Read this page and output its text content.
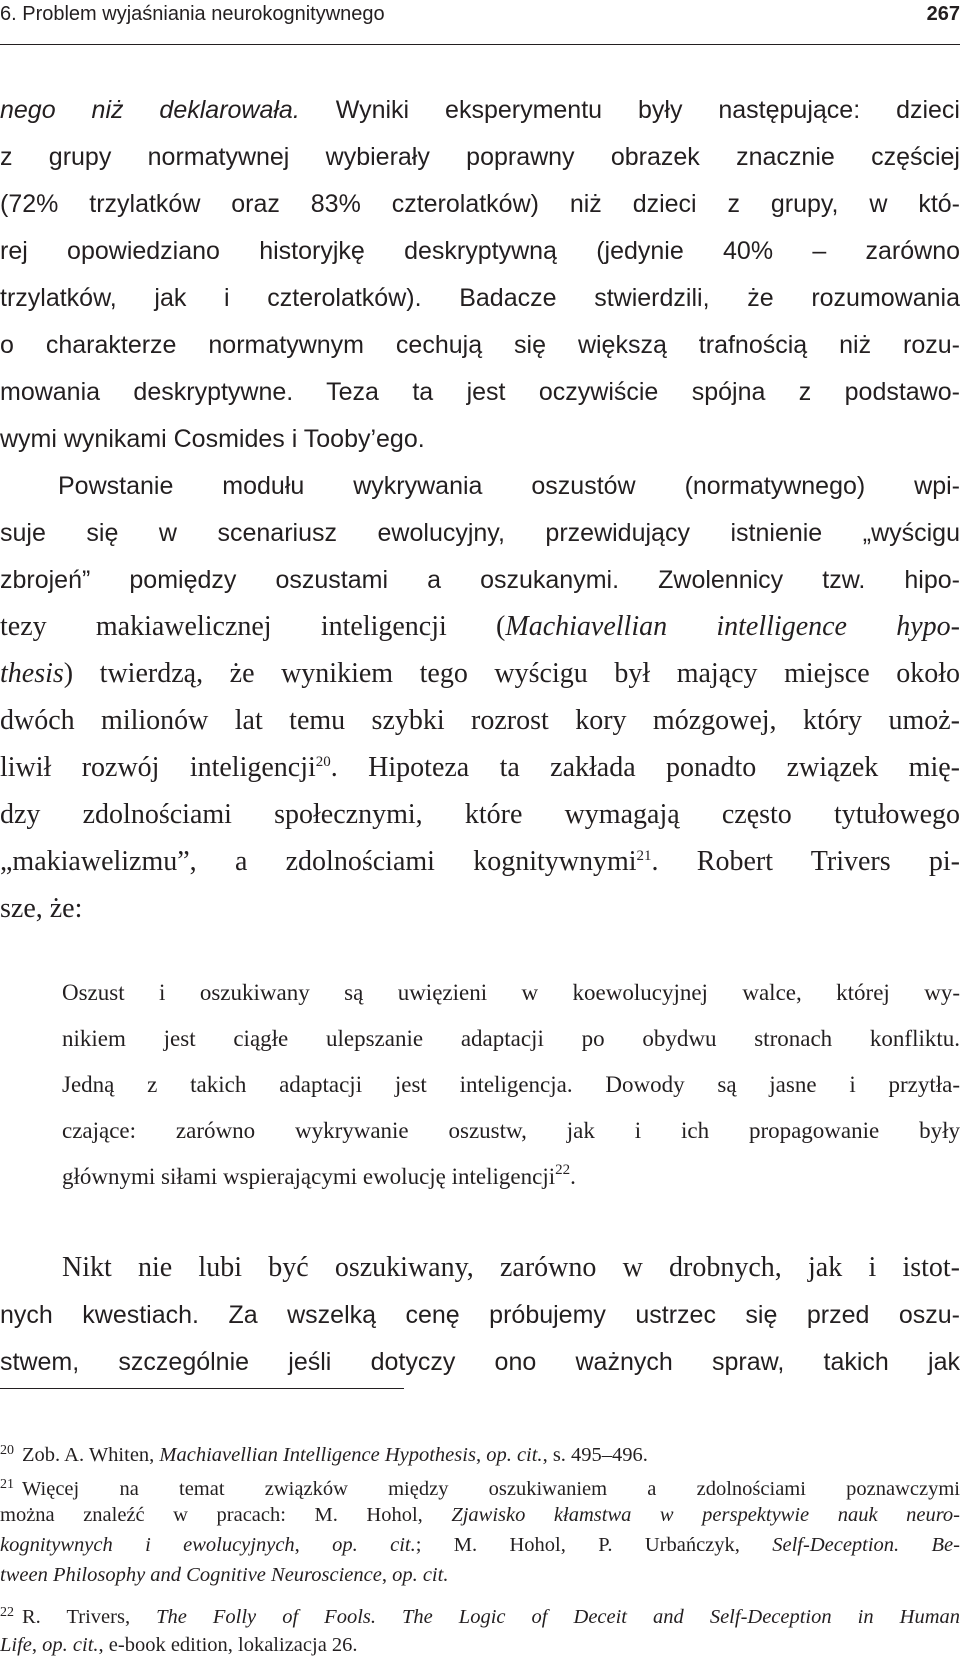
6. Problem wyjaśniania neurokognitywnego	267
nego niż deklarowała. Wyniki eksperymentu były następujące: dzieci
z grupy normatywnej wybierały poprawny obrazek znacznie częściej
(72% trzylatków oraz 83% czterolatków) niż dzieci z grupy, w któ-
rej opowiedziano historyjkę deskryptywną (jedynie 40% – zarówno
trzylatków, jak i czterolatków). Badacze stwierdzili, że rozumowania
o charakterze normatywnym cechują się większą trafnością niż rozu-
mowania deskryptywne. Teza ta jest oczywiście spójna z podstawo-
wymi wynikami Cosmides i Tooby’ego.
Powstanie modułu wykrywania oszustów (normatywnego) wpi-
suje się w scenariusz ewolucyjny, przewidujący istnienie „wyścigu
zbrojeń” pomiędzy oszustami a oszukanymi. Zwolennicy tzw. hipo-
tezy makiawelicznej inteligencji (Machiavellian intelligence hypo-
thesis) twierdzą, że wynikiem tego wyścigu był mający miejsce około
dwóch milionów lat temu szybki rozrost kory mózgowej, który umoż-
liwił rozwój inteligencji$^{20}$. Hipoteza ta zakłada ponadto związek mię-
dzy zdolnościami społecznymi, które wymagają często tytułowego
„makiawelizmu”, a zdolnościami kognitywnymi$^{21}$. Robert Trivers pi-
sze, że:
Oszust i oszukiwany są uwięzieni w koewolucyjnej walce, której wy-
nikiem jest ciągłe ulepszanie adaptacji po obydwu stronach konfliktu.
Jedną z takich adaptacji jest inteligencja. Dowody są jasne i przytła-
czające: zarówno wykrywanie oszustw, jak i ich propagowanie były
głównymi siłami wspierającymi ewolucję inteligencji$^{22}$.
Nikt nie lubi być oszukiwany, zarówno w drobnych, jak i istot-
nych kwestiach. Za wszelką cenę próbujemy ustrzec się przed oszu-
stwem, szczególnie jeśli dotyczy ono ważnych spraw, takich jak
$^{20}$ Zob. A. Whiten, Machiavellian Intelligence Hypothesis, op. cit., s. 495–496.
$^{21}$ Więcej na temat związków między oszukiwaniem a zdolnościami poznawczymi
można znaleźć w pracach: M. Hohol, Zjawisko kłamstwa w perspektywie nauk neuro-
kognitywnych i ewolucyjnych, op. cit.; M. Hohol, P. Urbańczyk, Self-Deception. Be-
tween Philosophy and Cognitive Neuroscience, op. cit.
$^{22}$ R. Trivers, The Folly of Fools. The Logic of Deceit and Self-Deception in Human
Life, op. cit., e-book edition, lokalizacja 26.
